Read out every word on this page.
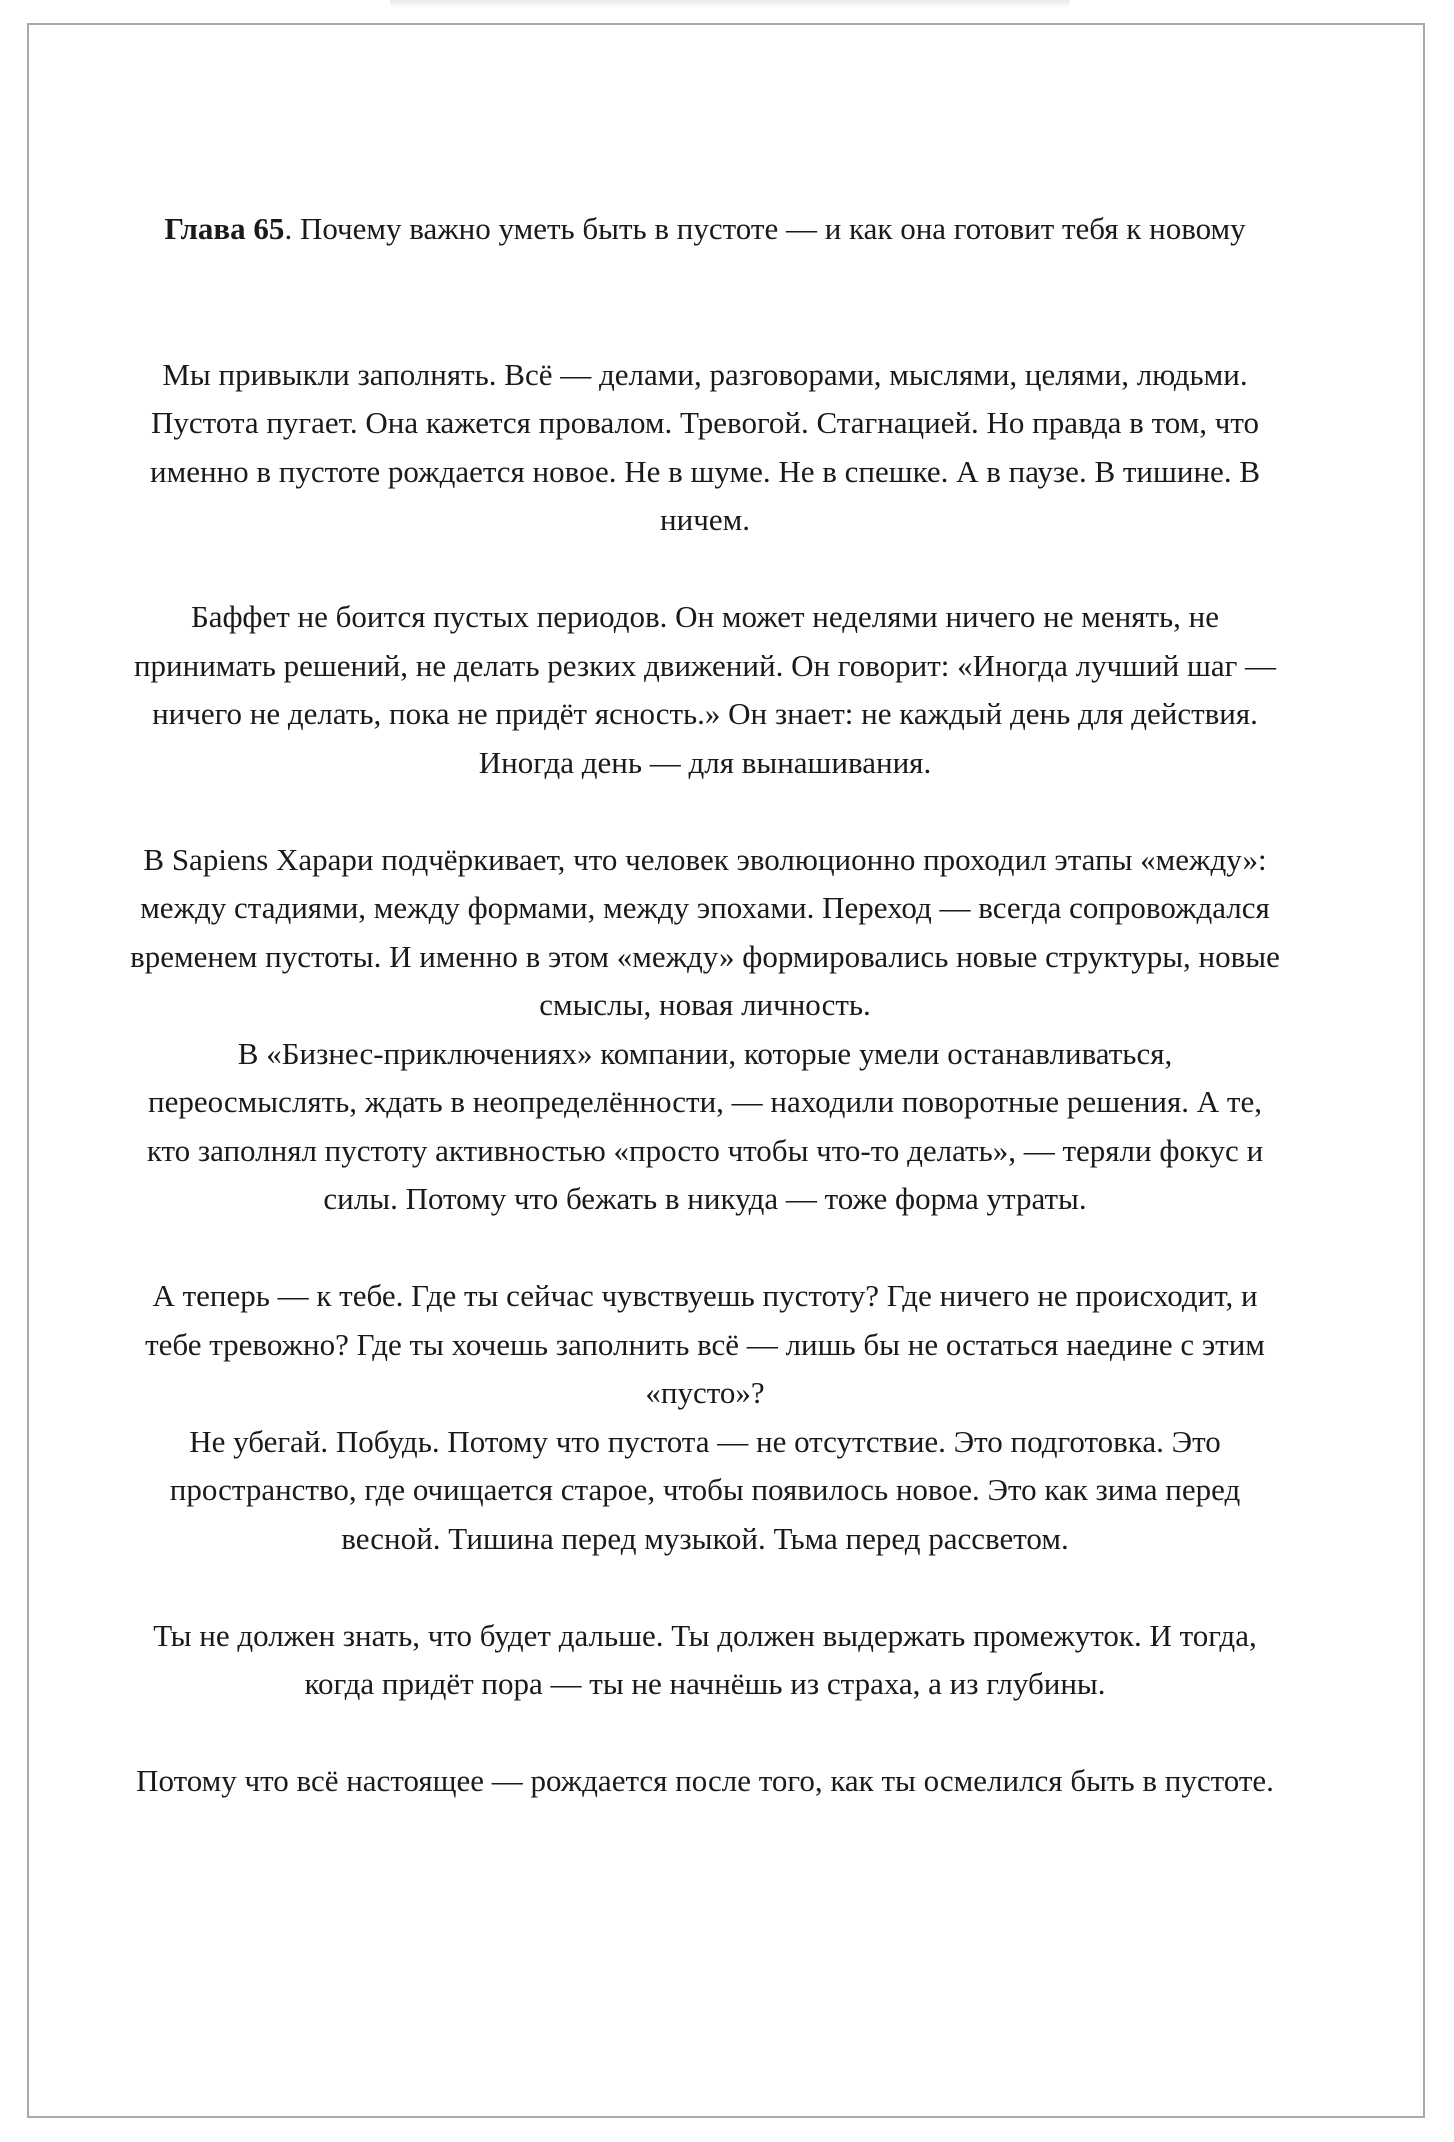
Глава 65. Почему важно уметь быть в пустоте — и как она готовит тебя к новому

Мы привыкли заполнять. Всё — делами, разговорами, мыслями, целями, людьми. Пустота пугает. Она кажется провалом. Тревогой. Стагнацией. Но правда в том, что именно в пустоте рождается новое. Не в шуме. Не в спешке. А в паузе. В тишине. В ничем.

Баффет не боится пустых периодов. Он может неделями ничего не менять, не принимать решений, не делать резких движений. Он говорит: «Иногда лучший шаг — ничего не делать, пока не придёт ясность.» Он знает: не каждый день для действия. Иногда день — для вынашивания.

В Sapiens Харари подчёркивает, что человек эволюционно проходил этапы «между»: между стадиями, между формами, между эпохами. Переход — всегда сопровождался временем пустоты. И именно в этом «между» формировались новые структуры, новые смыслы, новая личность.
В «Бизнес-приключениях» компании, которые умели останавливаться, переосмыслять, ждать в неопределённости, — находили поворотные решения. А те, кто заполнял пустоту активностью «просто чтобы что-то делать», — теряли фокус и силы. Потому что бежать в никуда — тоже форма утраты.

А теперь — к тебе. Где ты сейчас чувствуешь пустоту? Где ничего не происходит, и тебе тревожно? Где ты хочешь заполнить всё — лишь бы не остаться наедине с этим «пусто»?
Не убегай. Побудь. Потому что пустота — не отсутствие. Это подготовка. Это пространство, где очищается старое, чтобы появилось новое. Это как зима перед весной. Тишина перед музыкой. Тьма перед рассветом.

Ты не должен знать, что будет дальше. Ты должен выдержать промежуток. И тогда, когда придёт пора — ты не начнёшь из страха, а из глубины.

Потому что всё настоящее — рождается после того, как ты осмелился быть в пустоте.
